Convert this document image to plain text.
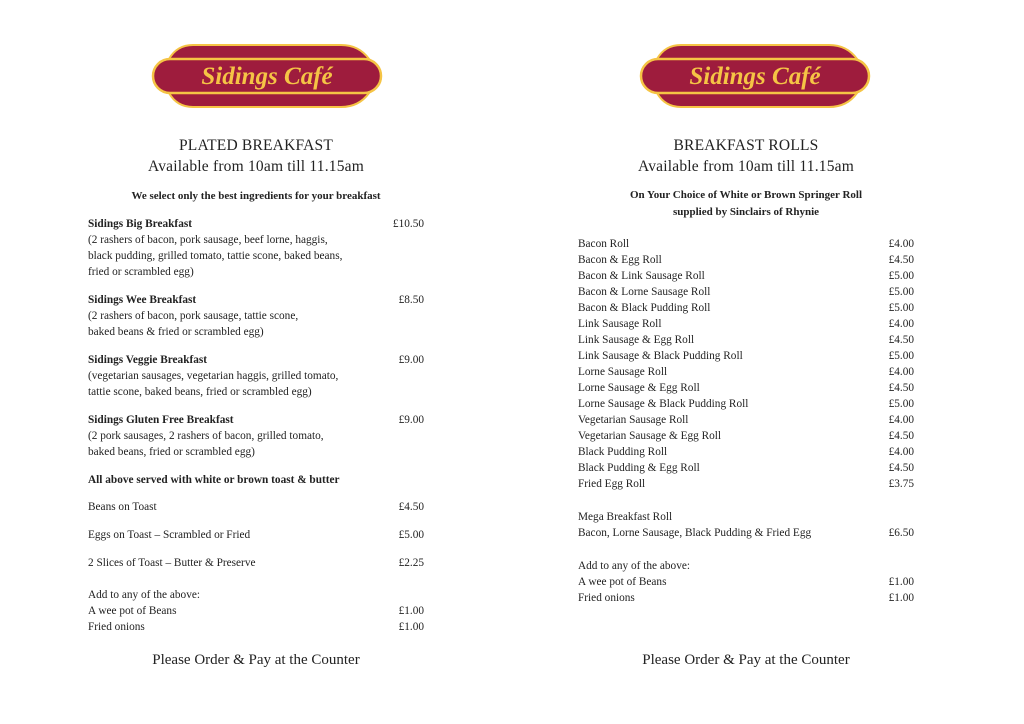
Sidings Café
PLATED BREAKFAST
Available from 10am till 11.15am
We select only the best ingredients for your breakfast
Sidings Big Breakfast	£10.50
(2 rashers of bacon, pork sausage, beef lorne, haggis,
black pudding, grilled tomato, tattie scone, baked beans,
fried or scrambled egg)
Sidings Wee Breakfast	£8.50
(2 rashers of bacon, pork sausage, tattie scone,
baked beans & fried or scrambled egg)
Sidings Veggie Breakfast	£9.00
(vegetarian sausages, vegetarian haggis, grilled tomato,
tattie scone, baked beans, fried or scrambled egg)
Sidings Gluten Free Breakfast	£9.00
(2 pork sausages, 2 rashers of bacon, grilled tomato,
baked beans, fried or scrambled egg)
All above served with white or brown toast & butter
Beans on Toast	£4.50
Eggs on Toast – Scrambled or Fried	£5.00
2 Slices of Toast – Butter & Preserve	£2.25
Add to any of the above:
A wee pot of Beans	£1.00
Fried onions	£1.00
Please Order & Pay at the Counter
Sidings Café
BREAKFAST ROLLS
Available from 10am till 11.15am
On Your Choice of White or Brown Springer Roll
supplied by Sinclairs of Rhynie
Bacon Roll	£4.00
Bacon & Egg Roll	£4.50
Bacon & Link Sausage Roll	£5.00
Bacon & Lorne Sausage Roll	£5.00
Bacon & Black Pudding Roll	£5.00
Link Sausage Roll	£4.00
Link Sausage & Egg Roll	£4.50
Link Sausage & Black Pudding Roll	£5.00
Lorne Sausage Roll	£4.00
Lorne Sausage & Egg Roll	£4.50
Lorne Sausage & Black Pudding Roll	£5.00
Vegetarian Sausage Roll	£4.00
Vegetarian Sausage & Egg Roll	£4.50
Black Pudding Roll	£4.00
Black Pudding & Egg Roll	£4.50
Fried Egg Roll	£3.75
Mega Breakfast Roll
Bacon, Lorne Sausage, Black Pudding & Fried Egg	£6.50
Add to any of the above:
A wee pot of Beans	£1.00
Fried onions	£1.00
Please Order & Pay at the Counter
